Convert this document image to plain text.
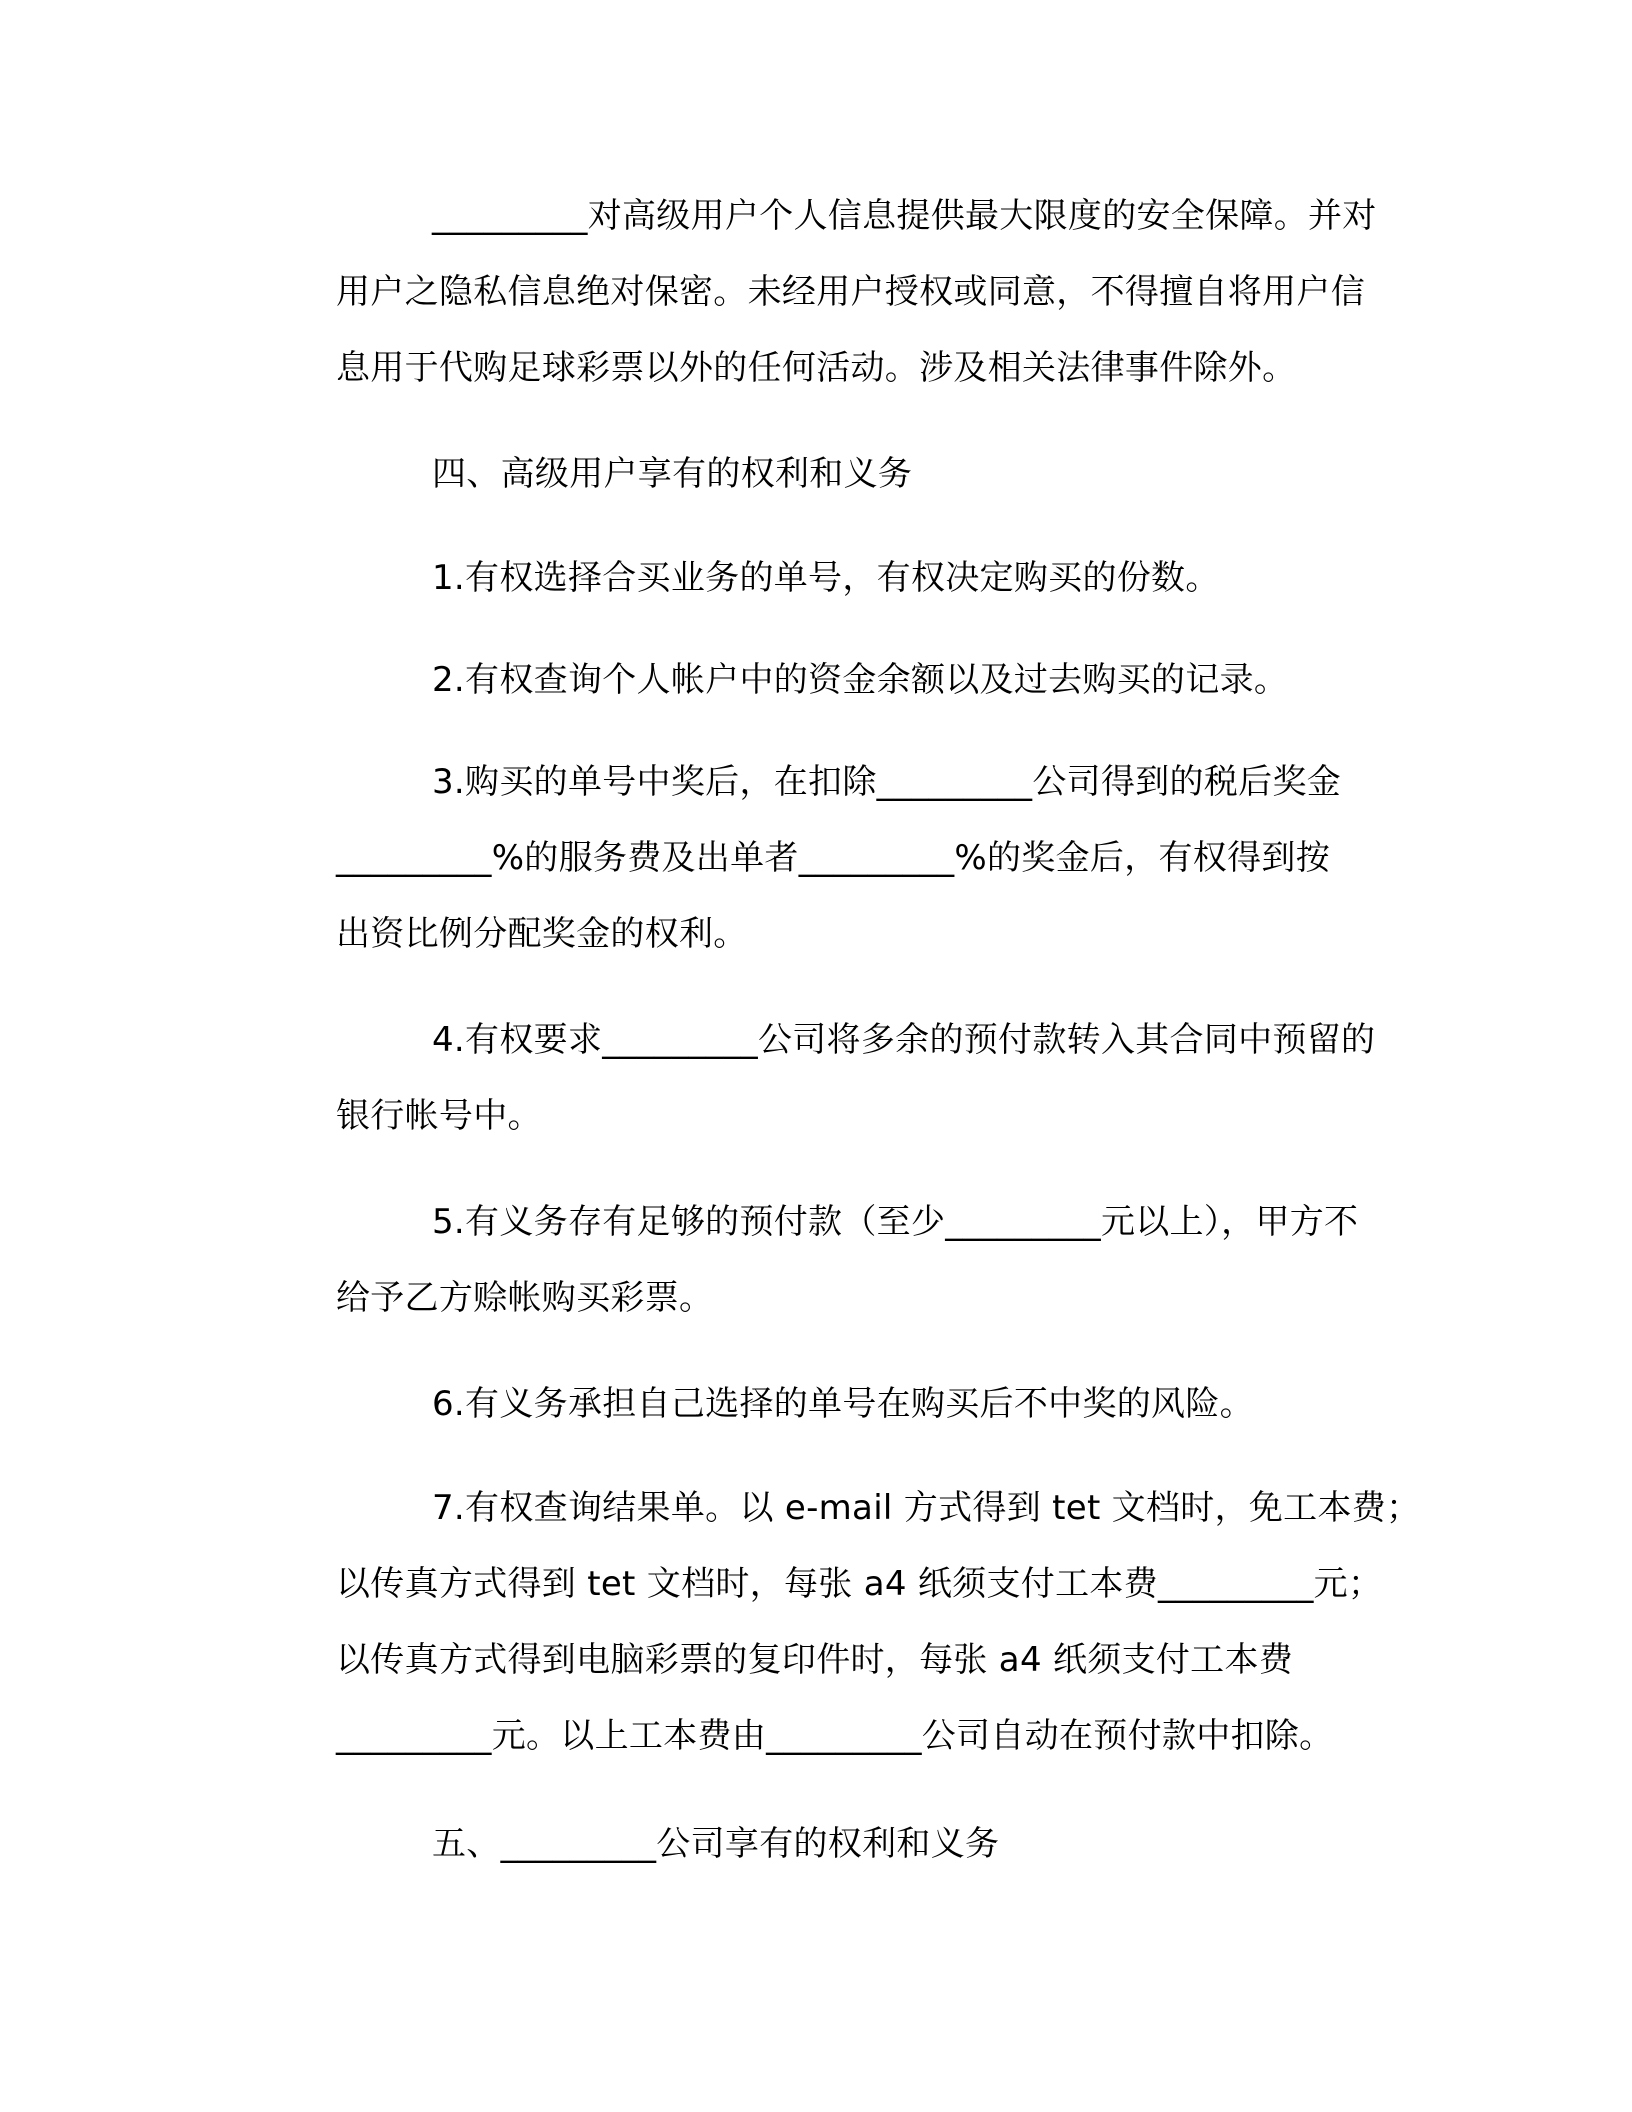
_________对高级用户个人信息提供最大限度的安全保障。并对
用户之隐私信息绝对保密。未经用户授权或同意，不得擅自将用户信
息用于代购足球彩票以外的任何活动。涉及相关法律事件除外。
四、高级用户享有的权利和义务
1.有权选择合买业务的单号，有权决定购买的份数。
2.有权查询个人帐户中的资金余额以及过去购买的记录。
3.购买的单号中奖后，在扣除_________公司得到的税后奖金
_________%的服务费及出单者_________%的奖金后，有权得到按
出资比例分配奖金的权利。
4.有权要求_________公司将多余的预付款转入其合同中预留的
银行帐号中。
5.有义务存有足够的预付款（至少_________元以上），甲方不
给予乙方赊帐购买彩票。
6.有义务承担自己选择的单号在购买后不中奖的风险。
7.有权查询结果单。以 e-mail 方式得到 tet 文档时，免工本费；
以传真方式得到 tet 文档时，每张 a4 纸须支付工本费_________元；
以传真方式得到电脑彩票的复印件时，每张 a4 纸须支付工本费
_________元。以上工本费由_________公司自动在预付款中扣除。
五、_________公司享有的权利和义务
